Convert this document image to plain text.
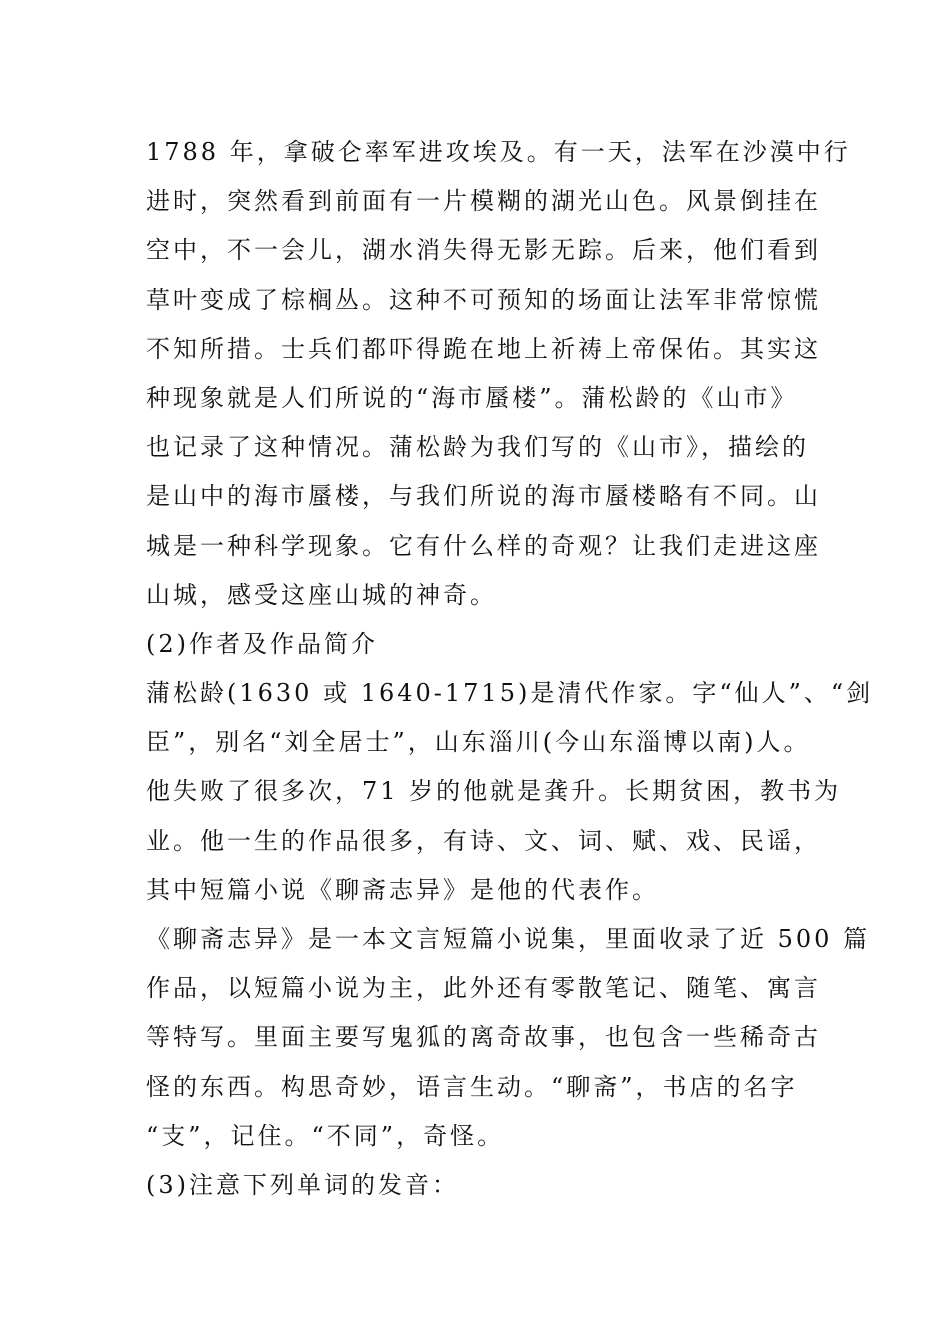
1788 年，拿破仑率军进攻埃及。有一天，法军在沙漠中行
进时，突然看到前面有一片模糊的湖光山色。风景倒挂在
空中，不一会儿，湖水消失得无影无踪。后来，他们看到
草叶变成了棕榈丛。这种不可预知的场面让法军非常惊慌
不知所措。士兵们都吓得跪在地上祈祷上帝保佑。其实这
种现象就是人们所说的“海市蜃楼”。蒲松龄的《山市》
也记录了这种情况。蒲松龄为我们写的《山市》，描绘的
是山中的海市蜃楼，与我们所说的海市蜃楼略有不同。山
城是一种科学现象。它有什么样的奇观？让我们走进这座
山城，感受这座山城的神奇。
(2)作者及作品简介
蒲松龄(1630 或 1640-1715)是清代作家。字“仙人”、“剑
臣”，别名“刘全居士”，山东淄川(今山东淄博以南)人。
他失败了很多次，71 岁的他就是龚升。长期贫困，教书为
业。他一生的作品很多，有诗、文、词、赋、戏、民谣，
其中短篇小说《聊斋志异》是他的代表作。
《聊斋志异》是一本文言短篇小说集，里面收录了近 500 篇
作品，以短篇小说为主，此外还有零散笔记、随笔、寓言
等特写。里面主要写鬼狐的离奇故事，也包含一些稀奇古
怪的东西。构思奇妙，语言生动。“聊斋”，书店的名字
“支”，记住。“不同”，奇怪。
(3)注意下列单词的发音：
